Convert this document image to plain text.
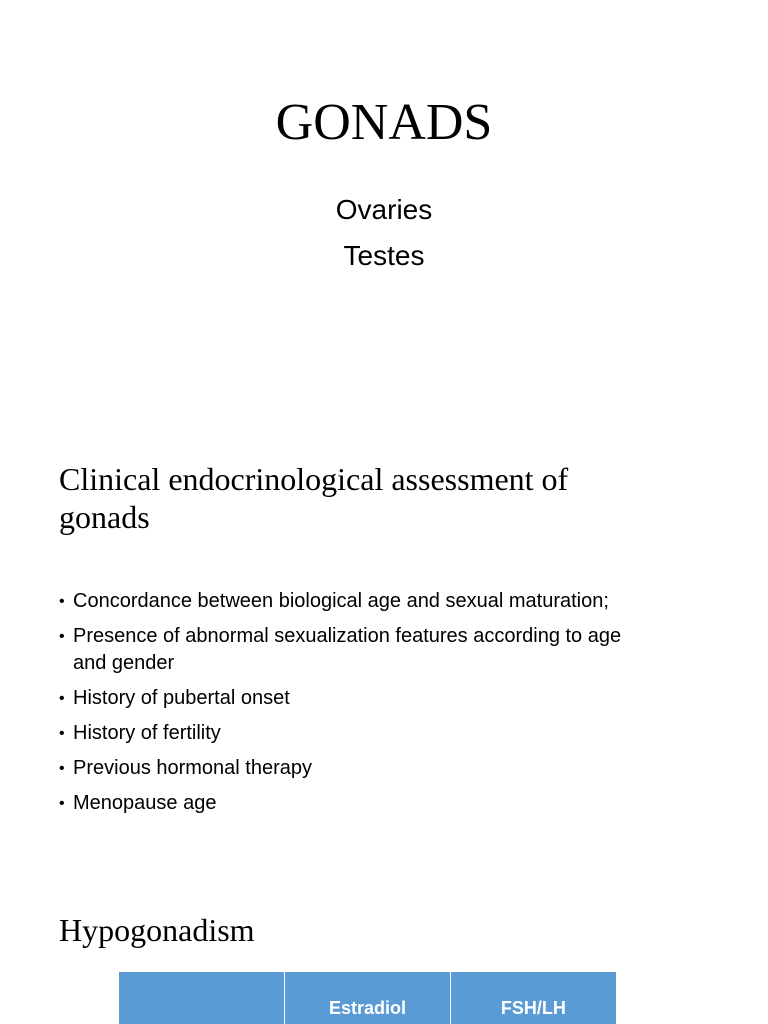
GONADS
Ovaries
Testes
Clinical endocrinological assessment of
gonads
• Concordance between biological age and sexual maturation;
• Presence of abnormal sexualization features according to age
and gender
• History of pubertal onset
• History of fertility
• Previous hormonal therapy
• Menopause age
Hypogonadism
	Estradiol	FSH/LH
